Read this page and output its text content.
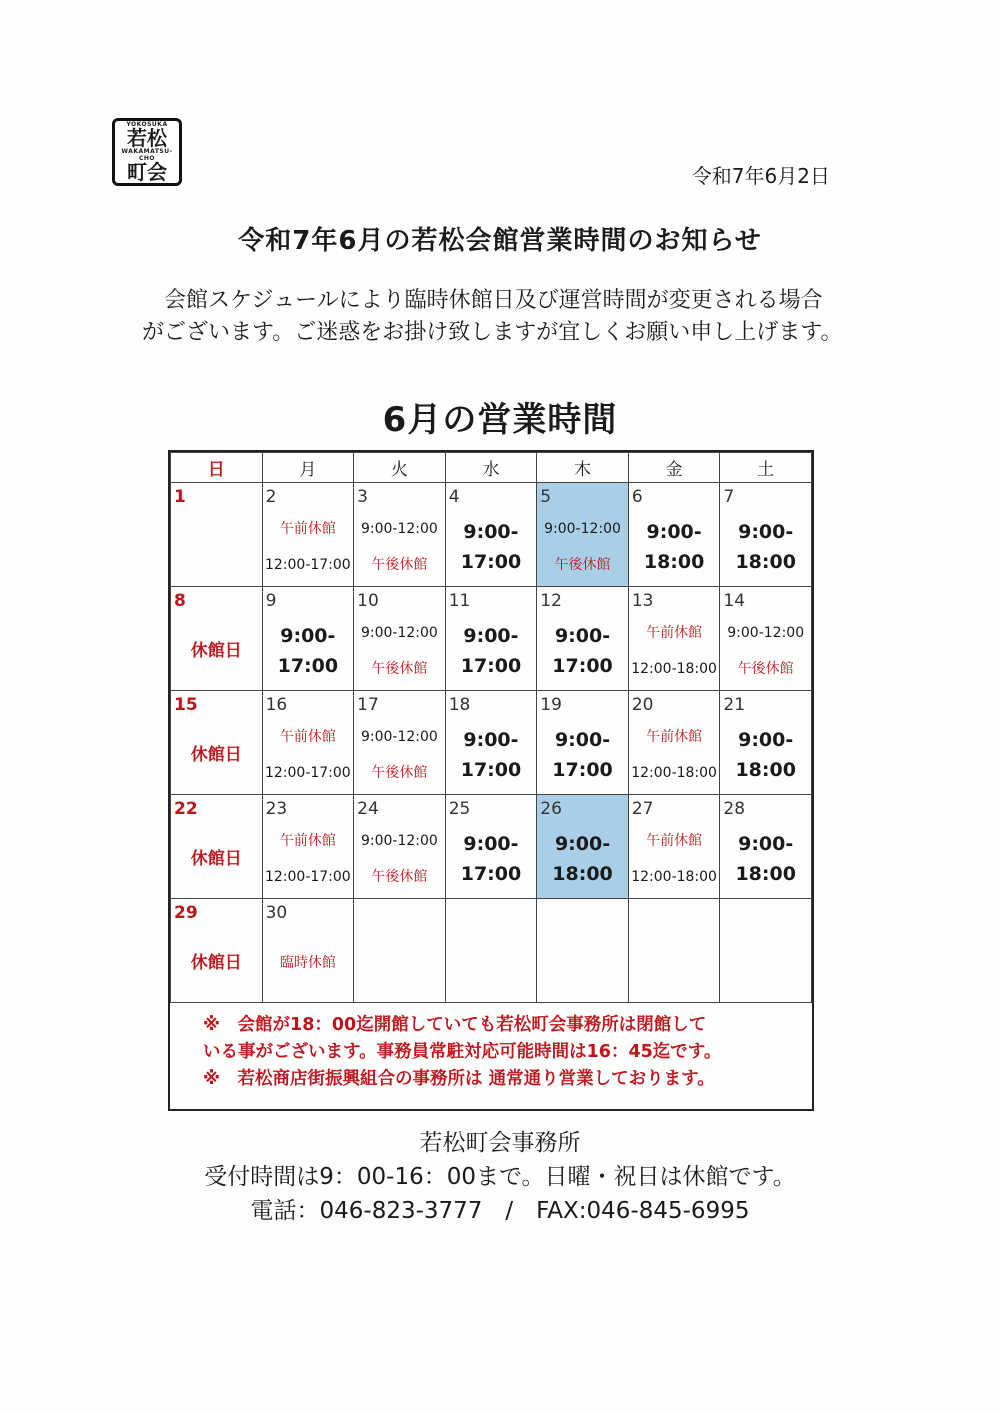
YOKOSUKA
若松
WAKAMATSU-CHO
町会	令和7年6月2日
令和7年6月の若松会館営業時間のお知らせ

会館スケジュールにより臨時休館日及び運営時間が変更される場合

がございます。ご迷惑をお掛け致しますが宜しくお願い申し上げます。

6月の営業時間
日	月	火	水	木	金	土

1	2
午前休館
12:00-17:00	3
9:00-12:00
午後休館	4
9:00-
17:00	5
9:00-12:00
午後休館	6
9:00-
18:00	7
9:00-
18:00

8
休館日	9
9:00-
17:00	10
9:00-12:00
午後休館	11
9:00-
17:00	12
9:00-
17:00	13
午前休館
12:00-18:00	14
9:00-12:00
午後休館

15
休館日	16
午前休館
12:00-17:00	17
9:00-12:00
午後休館	18
9:00-
17:00	19
9:00-
17:00	20
午前休館
12:00-18:00	21
9:00-
18:00

22
休館日	23
午前休館
12:00-17:00	24
9:00-12:00
午後休館	25
9:00-
17:00	26
9:00-
18:00	27
午前休館
12:00-18:00	28
9:00-
18:00

29
休館日	30
臨時休館					

※　会館が18：00迄開館していても若松町会事務所は閉館して

いる事がございます。事務員常駐対応可能時間は16：45迄です。

※　若松商店街振興組合の事務所は 通常通り営業しております。

若松町会事務所

受付時間は9：00-16：00まで。日曜・祝日は休館です。

電話：046-823-3777　/　FAX:046-845-6995
